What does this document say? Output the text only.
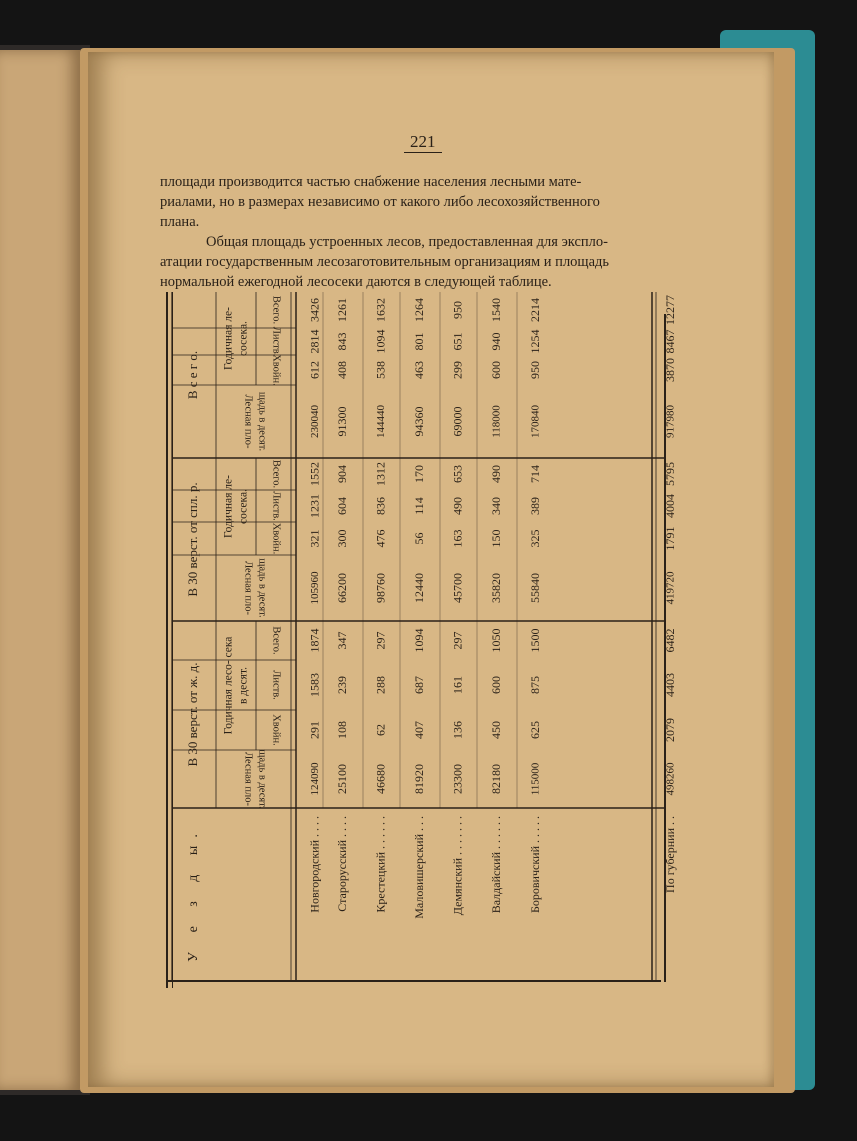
221
площади производится частью снабжение населения лесными мате-
риалами, но в размерах независимо от какого либо лесохозяйственного
плана.
Общая площадь устроенных лесов, предоставленная для экспло-
атации государственным лесозаготовительным организациям и площадь
нормальной ежегодной лесосеки даются в следующей таблице.
У е з д ы.
В 30 верст. от ж. д. Годичная лесо- сека в десят.
В 30 верст. от спл. р. Годичная ле- сосека.
В с е г о.
Годичная ле- сосека.
Лесная пло- щадь в десят.
Хвойн.
Листв.
Всего.
Лесная пло- щадь в десят.
Хвойн.
Листв.
Всего.
Лесная пло- щадь в десят.
Хвойн.
Листв.
Всего.
Новгородский . . . .
124090
291
1583
1874
105960
321
1231
1552
230040
612
2814
3426
Старорусский . . . .
25100
108
239
347
66200
300
604
904
91300
408
843
1261
Крестецкий . . . . . .
46680
62
288
297
98760
476
836
1312
144440
538
1094
1632
Маловишерский . . .
81920
407
687
1094
12440
56
114
170
94360
463
801
1264
Демянский . . . . . . .
23300
136
161
297
45700
163
490
653
69000
299
651
950
Валдайский . . . . . .
82180
450
600
1050
35820
150
340
490
118000
600
940
1540
Боровичский . . . . .
115000
625
875
1500
55840
325
389
714
170840
950
1254
2214
По губернии . .
498260
2079
4403
6482
419720
1791
4004
5795
917980
3870
8467
12277
